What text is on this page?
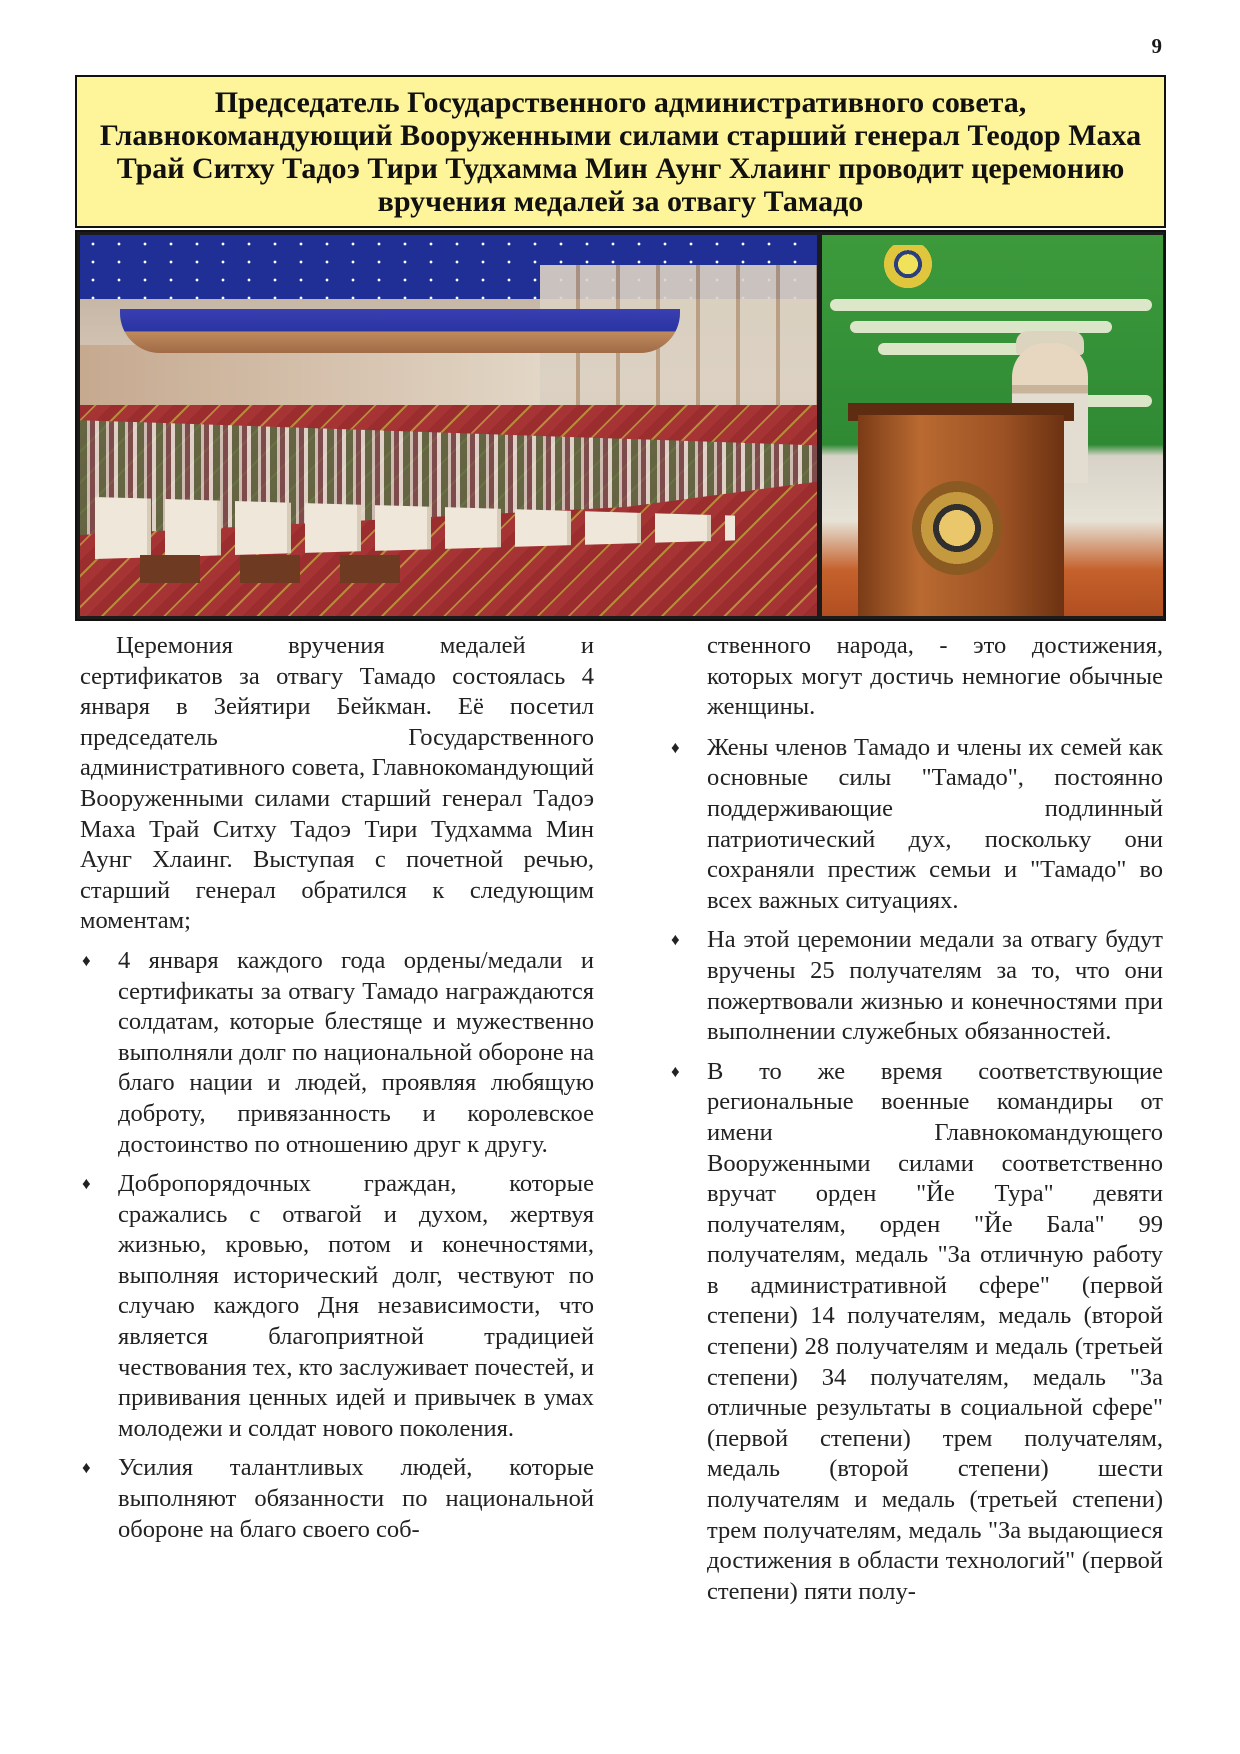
9
Председатель Государственного административного совета, Главнокомандующий Вооруженными силами старший генерал Теодор Маха Трай Ситху Тадоэ Тири Тудхамма Мин Аунг Хлаинг проводит церемонию вручения медалей за отвагу Тамадо

Церемония вручения медалей и сертификатов за отвагу Тамадо состоялась 4 января в Зейятири Бейкман. Её посетил председатель Государственного административного совета, Главнокомандующий Вооруженными силами старший генерал Тадоэ Маха Трай Ситху Тадоэ Тири Тудхамма Мин Аунг Хлаинг. Выступая с почетной речью, старший генерал обратился к следующим моментам;

♦ 4 января каждого года ордены/медали и сертификаты за отвагу Тамадо награждаются солдатам, которые блестяще и мужественно выполняли долг по национальной обороне на благо нации и людей, проявляя любящую доброту, привязанность и королевское достоинство по отношению друг к другу.
♦ Добропорядочных граждан, которые сражались с отвагой и духом, жертвуя жизнью, кровью, потом и конечностями, выполняя исторический долг, чествуют по случаю каждого Дня независимости, что является благоприятной традицией чествования тех, кто заслуживает почестей, и прививания ценных идей и привычек в умах молодежи и солдат нового поколения.
♦ Усилия талантливых людей, которые выполняют обязанности по национальной обороне на благо своего соб-

ственного народа, - это достижения, которых могут достичь немногие обычные женщины.

♦ Жены членов Тамадо и члены их семей как основные силы "Тамадо", постоянно поддерживающие подлинный патриотический дух, поскольку они сохраняли престиж семьи и "Тамадо" во всех важных ситуациях.
♦ На этой церемонии медали за отвагу будут вручены 25 получателям за то, что они пожертвовали жизнью и конечностями при выполнении служебных обязанностей.
♦ В то же время соответствующие региональные военные командиры от имени Главнокомандующего Вооруженными силами соответственно вручат орден "Йе Тура" девяти получателям, орден "Йе Бала" 99 получателям, медаль "За отличную работу в административной сфере" (первой степени) 14 получателям, медаль (второй степени) 28 получателям и медаль (третьей степени) 34 получателям, медаль "За отличные результаты в социальной сфере" (первой степени) трем получателям, медаль (второй степени) шести получателям и медаль (третьей степени) трем получателям, медаль "За выдающиеся достижения в области технологий" (первой степени) пяти полу-
